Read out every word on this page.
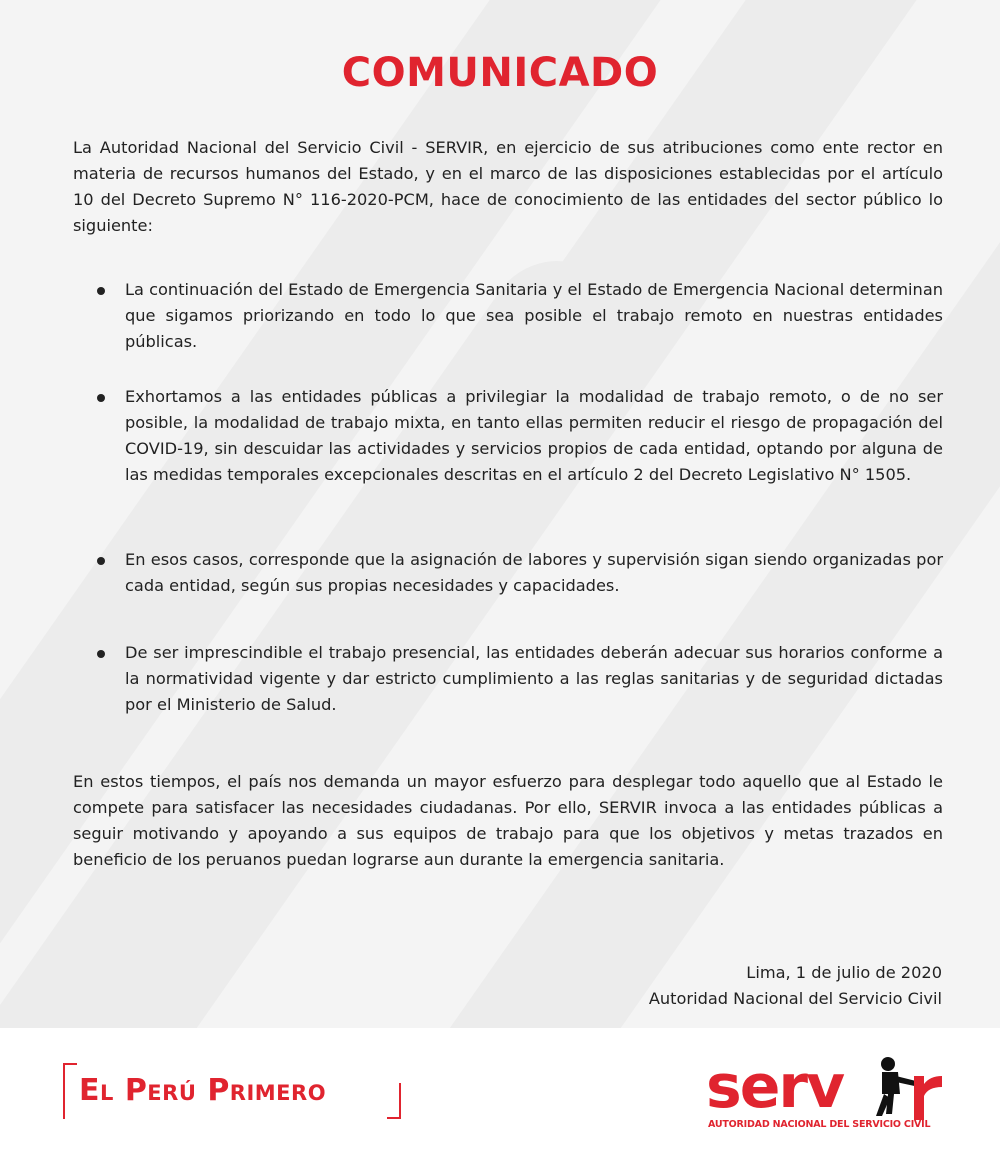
COMUNICADO

La Autoridad Nacional del Servicio Civil - SERVIR, en ejercicio de sus atribuciones como ente rector en materia de recursos humanos del Estado, y en el marco de las disposiciones establecidas por el artículo 10 del Decreto Supremo N° 116-2020-PCM, hace de conocimiento de las entidades del sector público lo siguiente:

La continuación del Estado de Emergencia Sanitaria y el Estado de Emergencia Nacional determinan que sigamos priorizando en todo lo que sea posible el trabajo remoto en nuestras entidades públicas.
Exhortamos a las entidades públicas a privilegiar la modalidad de trabajo remoto, o de no ser posible, la modalidad de trabajo mixta, en tanto ellas permiten reducir el riesgo de propagación del COVID-19, sin descuidar las actividades y servicios propios de cada entidad, optando por alguna de las medidas temporales excepcionales descritas en el artículo 2 del Decreto Legislativo N° 1505.
En esos casos, corresponde que la asignación de labores y supervisión sigan siendo organizadas por cada entidad, según sus propias necesidades y capacidades.
De ser imprescindible el trabajo presencial, las entidades deberán adecuar sus horarios conforme a la normatividad vigente y dar estricto cumplimiento a las reglas sanitarias y de seguridad dictadas por el Ministerio de Salud.

En estos tiempos, el país nos demanda un mayor esfuerzo para desplegar todo aquello que al Estado le compete para satisfacer las necesidades ciudadanas. Por ello, SERVIR invoca a las entidades públicas a seguir motivando y apoyando a sus equipos de trabajo para que los objetivos y metas trazados en beneficio de los peruanos puedan lograrse aun durante la emergencia sanitaria.

Lima, 1 de julio de 2020
Autoridad Nacional del Servicio Civil
El Perú Primero	serv
AUTORIDAD NACIONAL DEL SERVICIO CIVIL
